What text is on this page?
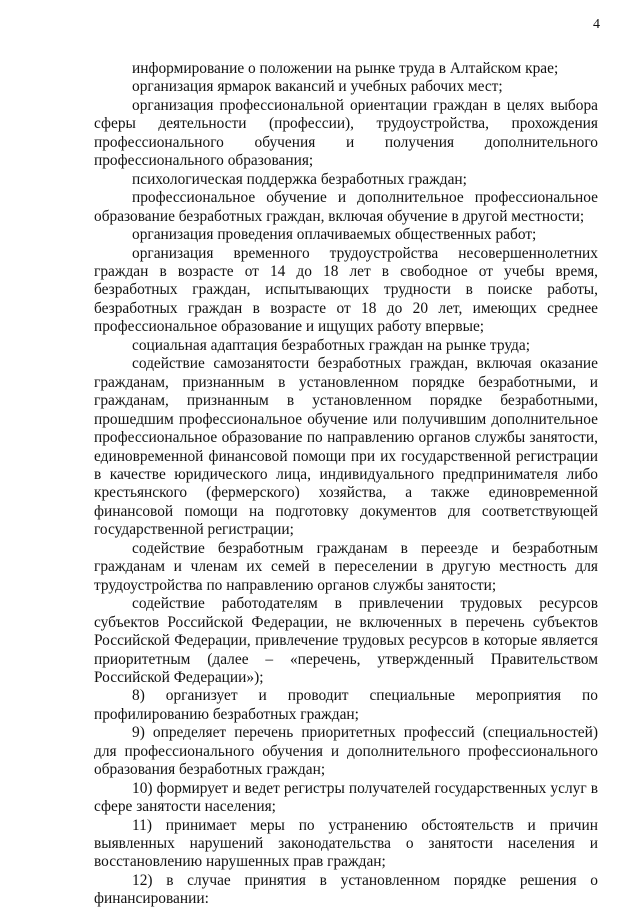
4

информирование о положении на рынке труда в Алтайском крае;

организация ярмарок вакансий и учебных рабочих мест;

организация профессиональной ориентации граждан в целях выбора сферы деятельности (профессии), трудоустройства, прохождения профессионального обучения и получения дополнительного профессионального образования;

психологическая поддержка безработных граждан;

профессиональное обучение и дополнительное профессиональное образование безработных граждан, включая обучение в другой местности;

организация проведения оплачиваемых общественных работ;

организация временного трудоустройства несовершеннолетних граждан в возрасте от 14 до 18 лет в свободное от учебы время, безработных граждан, испытывающих трудности в поиске работы, безработных граждан в возрасте от 18 до 20 лет, имеющих среднее профессиональное образование и ищущих работу впервые;

социальная адаптация безработных граждан на рынке труда;

содействие самозанятости безработных граждан, включая оказание гражданам, признанным в установленном порядке безработными, и гражданам, признанным в установленном порядке безработными, прошедшим профессиональное обучение или получившим дополнительное профессиональное образование по направлению органов службы занятости, единовременной финансовой помощи при их государственной регистрации в качестве юридического лица, индивидуального предпринимателя либо крестьянского (фермерского) хозяйства, а также единовременной финансовой помощи на подготовку документов для соответствующей государственной регистрации;

содействие безработным гражданам в переезде и безработным гражданам и членам их семей в переселении в другую местность для трудоустройства по направлению органов службы занятости;

содействие работодателям в привлечении трудовых ресурсов субъектов Российской Федерации, не включенных в перечень субъектов Российской Федерации, привлечение трудовых ресурсов в которые является приоритетным (далее – «перечень, утвержденный Правительством Российской Федерации»);

8) организует и проводит специальные мероприятия по профилированию безработных граждан;

9) определяет перечень приоритетных профессий (специальностей) для профессионального обучения и дополнительного профессионального образования безработных граждан;

10) формирует и ведет регистры получателей государственных услуг в сфере занятости населения;

11) принимает меры по устранению обстоятельств и причин выявленных нарушений законодательства о занятости населения и восстановлению нарушенных прав граждан;

12) в случае принятия в установленном порядке решения о финансировании:
